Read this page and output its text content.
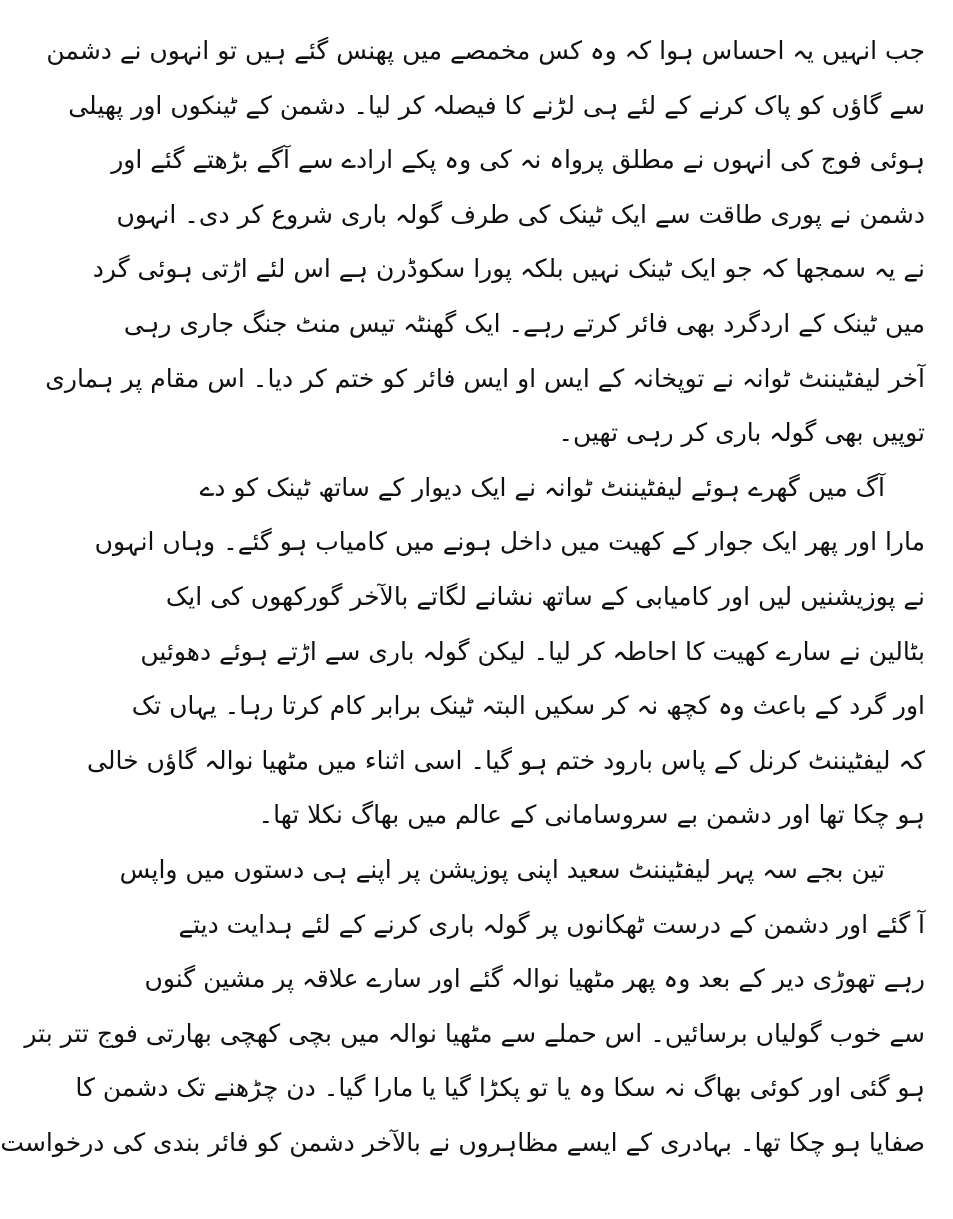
جب انہیں یہ احساس ہوا کہ وہ کس مخمصے میں پھنس گئے ہیں تو انہوں نے دشمن
سے گاؤں کو پاک کرنے کے لئے ہی لڑنے کا فیصلہ کر لیا۔ دشمن کے ٹینکوں اور پھیلی
ہوئی فوج کی انہوں نے مطلق پرواہ نہ کی وہ پکے ارادے سے آگے بڑھتے گئے اور
دشمن نے پوری طاقت سے ایک ٹینک کی طرف گولہ باری شروع کر دی۔ انہوں
نے یہ سمجھا کہ جو ایک ٹینک نہیں بلکہ پورا سکوڈرن ہے اس لئے اڑتی ہوئی گرد
میں ٹینک کے اردگرد بھی فائر کرتے رہے۔ ایک گھنٹہ تیس منٹ جنگ جاری رہی
آخر لیفٹیننٹ ٹوانہ نے توپخانہ کے ایس او ایس فائر کو ختم کر دیا۔ اس مقام پر ہماری
توپیں بھی گولہ باری کر رہی تھیں۔
آگ میں گھرے ہوئے لیفٹیننٹ ٹوانہ نے ایک دیوار کے ساتھ ٹینک کو دے
مارا اور پھر ایک جوار کے کھیت میں داخل ہونے میں کامیاب ہو گئے۔ وہاں انہوں
نے پوزیشنیں لیں اور کامیابی کے ساتھ نشانے لگاتے بالآخر گورکھوں کی ایک
بٹالین نے سارے کھیت کا احاطہ کر لیا۔ لیکن گولہ باری سے اڑتے ہوئے دھوئیں
اور گرد کے باعث وہ کچھ نہ کر سکیں البتہ ٹینک برابر کام کرتا رہا۔ یہاں تک
کہ لیفٹیننٹ کرنل کے پاس بارود ختم ہو گیا۔ اسی اثناء میں مٹھیا نوالہ گاؤں خالی
ہو چکا تھا اور دشمن بے سروسامانی کے عالم میں بھاگ نکلا تھا۔
تین بجے سہ پہر لیفٹیننٹ سعید اپنی پوزیشن پر اپنے ہی دستوں میں واپس
آ گئے اور دشمن کے درست ٹھکانوں پر گولہ باری کرنے کے لئے ہدایت دیتے
رہے تھوڑی دیر کے بعد وہ پھر مٹھیا نوالہ گئے اور سارے علاقہ پر مشین گنوں
سے خوب گولیاں برسائیں۔ اس حملے سے مٹھیا نوالہ میں بچی کھچی بھارتی فوج تتر بتر
ہو گئی اور کوئی بھاگ نہ سکا وہ یا تو پکڑا گیا یا مارا گیا۔ دن چڑھنے تک دشمن کا
صفایا ہو چکا تھا۔ بہادری کے ایسے مظاہروں نے بالآخر دشمن کو فائر بندی کی درخواست
